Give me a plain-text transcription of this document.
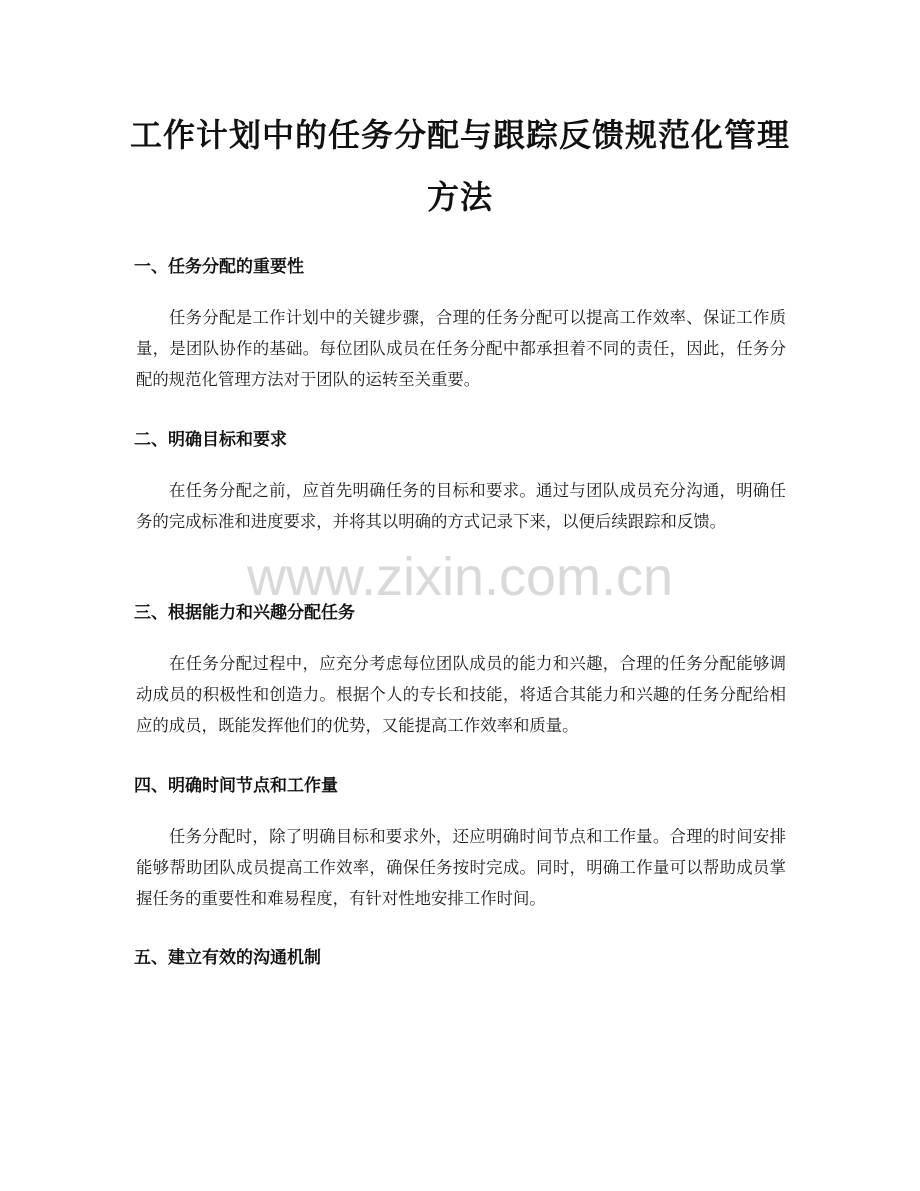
工作计划中的任务分配与跟踪反馈规范化管理方法
一、任务分配的重要性

任务分配是工作计划中的关键步骤，合理的任务分配可以提高工作效率、保证工作质量，是团队协作的基础。每位团队成员在任务分配中都承担着不同的责任，因此，任务分配的规范化管理方法对于团队的运转至关重要。

二、明确目标和要求

在任务分配之前，应首先明确任务的目标和要求。通过与团队成员充分沟通，明确任务的完成标准和进度要求，并将其以明确的方式记录下来，以便后续跟踪和反馈。

www.zixin.com.cn
三、根据能力和兴趣分配任务

在任务分配过程中，应充分考虑每位团队成员的能力和兴趣，合理的任务分配能够调动成员的积极性和创造力。根据个人的专长和技能，将适合其能力和兴趣的任务分配给相应的成员，既能发挥他们的优势，又能提高工作效率和质量。

四、明确时间节点和工作量

任务分配时，除了明确目标和要求外，还应明确时间节点和工作量。合理的时间安排能够帮助团队成员提高工作效率，确保任务按时完成。同时，明确工作量可以帮助成员掌握任务的重要性和难易程度，有针对性地安排工作时间。

五、建立有效的沟通机制
